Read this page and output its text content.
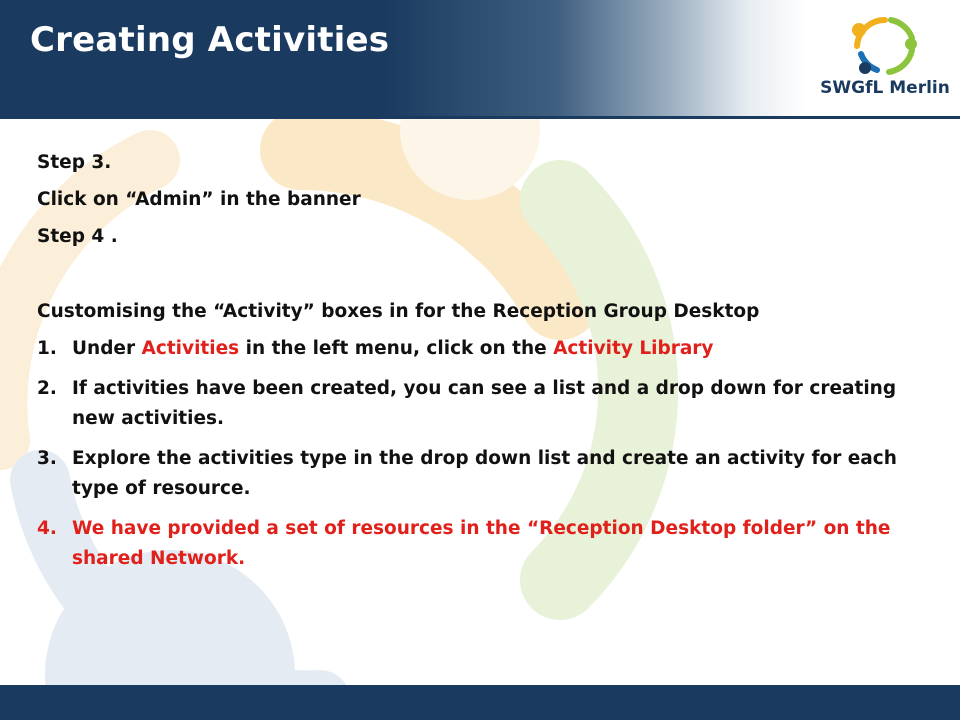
Creating Activities
SWGfL Merlin
Step 3.
Click on “Admin” in the banner
Step 4 .
Customising the “Activity” boxes in for the Reception Group Desktop
1. Under Activities in the left menu, click on the Activity Library
2. If activities have been created, you can see a list and a drop down for creating new activities.
3. Explore the activities type in the drop down list and create an activity for each type of resource.
4. We have provided a set of resources in the “Reception Desktop folder” on the shared Network.
